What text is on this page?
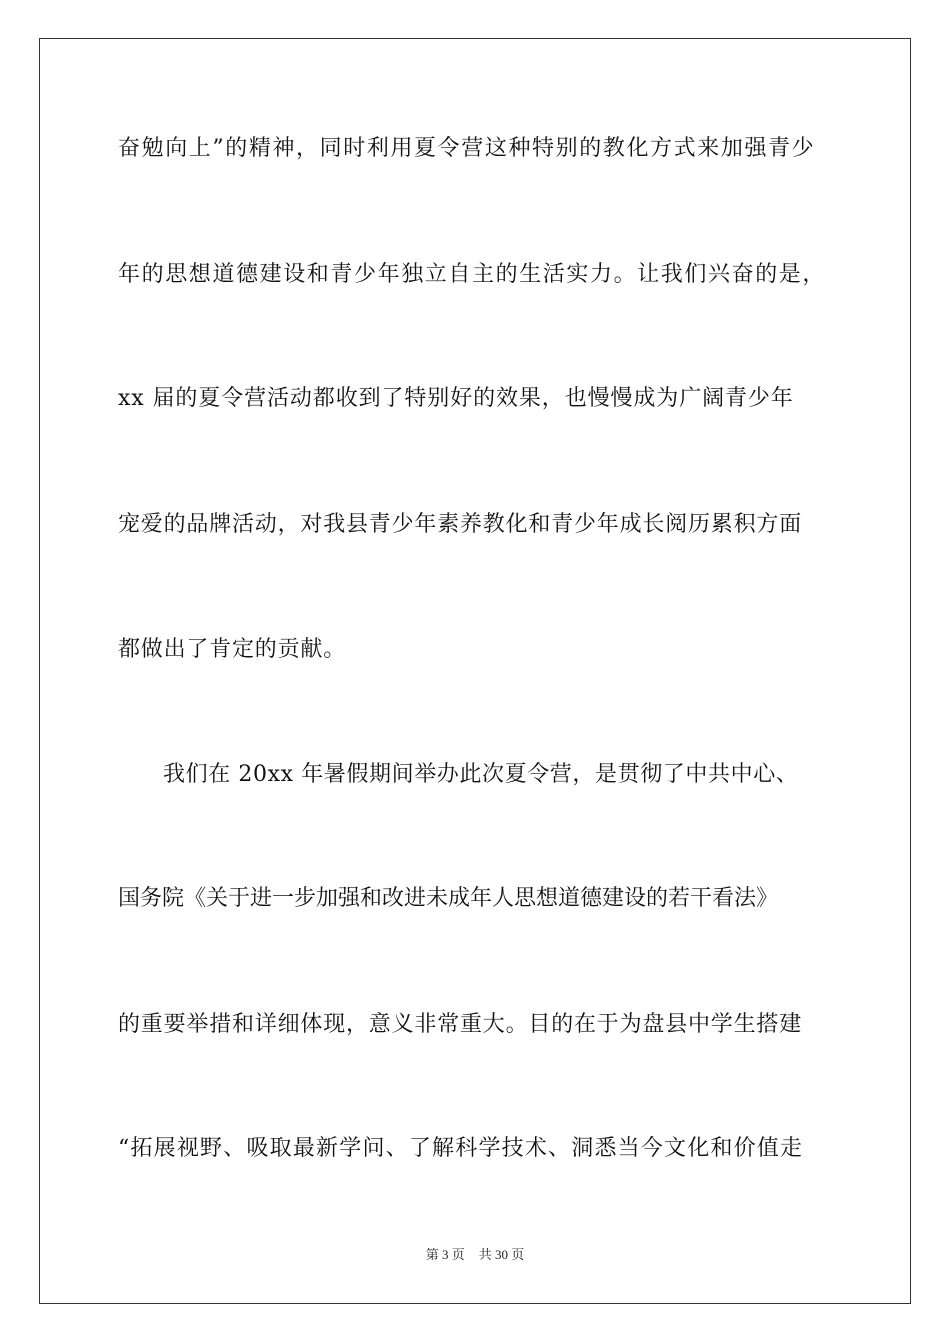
奋勉向上”的精神，同时利用夏令营这种特别的教化方式来加强青少
年的思想道德建设和青少年独立自主的生活实力。让我们兴奋的是，
xx 届的夏令营活动都收到了特别好的效果，也慢慢成为广阔青少年
宠爱的品牌活动，对我县青少年素养教化和青少年成长阅历累积方面
都做出了肯定的贡献。
我们在 20xx 年暑假期间举办此次夏令营，是贯彻了中共中心、
国务院《关于进一步加强和改进未成年人思想道德建设的若干看法》
的重要举措和详细体现，意义非常重大。目的在于为盘县中学生搭建
“拓展视野、吸取最新学问、了解科学技术、洞悉当今文化和价值走
第 3 页 共 30 页
